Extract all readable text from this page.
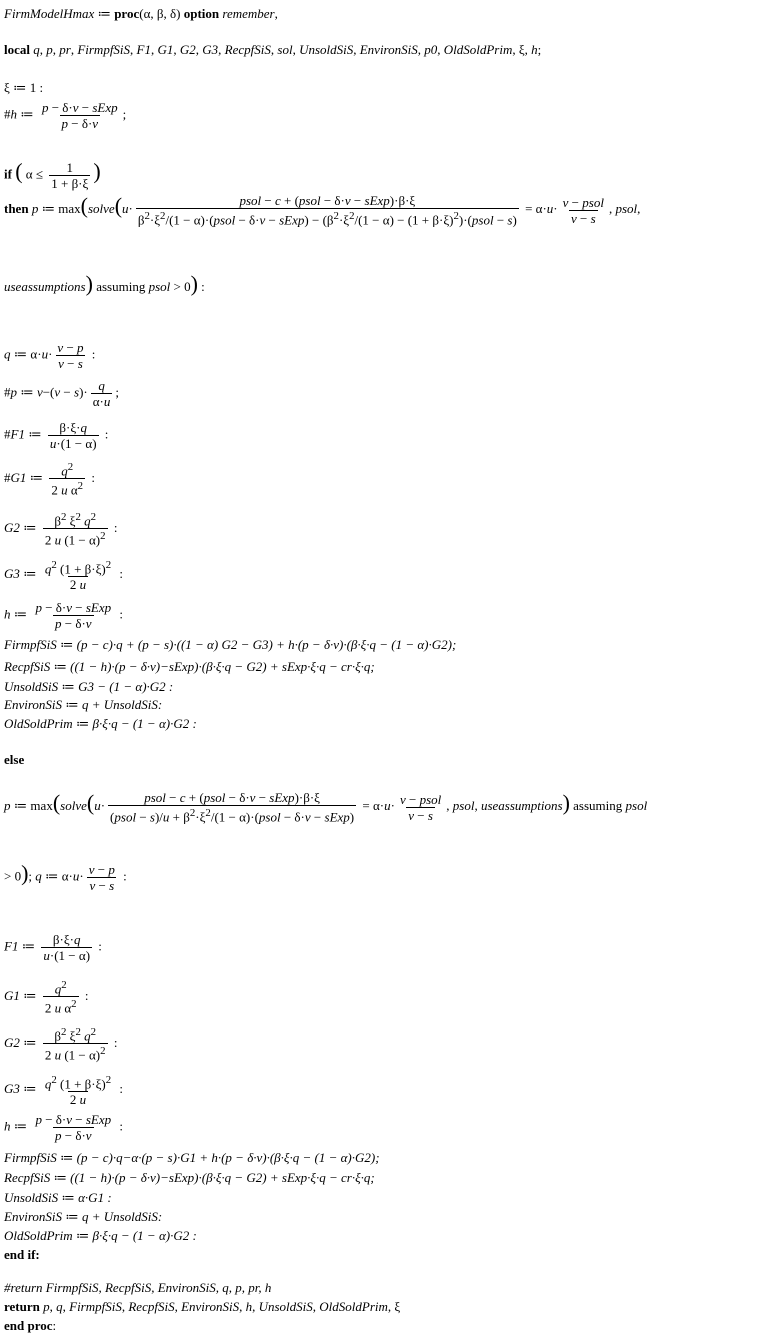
FirmModelHmax ≔ proc(α, β, δ) option remember,
local q, p, pr, FirmpfSiS, F1, G1, G2, G3, RecpfSiS, sol, UnsoldSiS, EnvironSiS, p0, OldSoldPrim, ξ, h;
ξ ≔ 1 :
#h ≔ p − δ·v − sExp
p − δ·v
;
if ( $\alpha \le \frac{1}{1 + \beta\cdot\xi}$ )
then p ≔ max(solve(u·
psol − c + (psol − δ·v − sExp)·β·ξ
$\beta^2\cdot\xi^2/(1$ − α)·(psol − δ·v − sExp) − ($\beta^2\cdot\xi^2/(1 - \alpha) - (1$ + $\beta\cdot\xi)^2)\cdot(psol - s)$
= α·u· v − psol
v − s
, psol,
useassumptions) assuming psol > 0) :
q ≔ $\alpha\cdot u\cdot \frac{v - p}{v - s}$ :
#p ≔ $v-(v - s)\cdot \frac{q}{\alpha\cdot u}$ ;
#F1 ≔ $\frac{\beta\cdot\xi\cdot q}{u\cdot(1 - \alpha)}$ :
#G1 ≔ $\frac{q^2}{2 u \alpha^2}$ :
G2 ≔ $\frac{\beta^2 \xi^2 q^2}{2 u (1 - \alpha)^2}$ :
G3 ≔ $\frac{q^2 (1 + \beta\cdot\xi)^2}{2 u}$ :
h ≔ p − δ·v − sExp
p − δ·v
:
FirmpfSiS ≔ (p − c)·q + (p − s)·((1 − α) G2 − G3) + h·(p − δ·v)·(β·ξ·q − (1 − α)·G2);
RecpfSiS ≔ ((1 − h)·(p − δ·v)−sExp)·(β·ξ·q − G2) + sExp·ξ·q − cr·ξ·q;
UnsoldSiS ≔ G3 − (1 − α)·G2 :
EnvironSiS ≔ q + UnsoldSiS:
OldSoldPrim ≔ β·ξ·q − (1 − α)·G2 :
else
p ≔ max(solve(u·
psol − c + (psol − δ·v − sExp)·β·ξ
(psol − $s)/u + \beta^2\cdot\xi^2/(1$ − α)·(psol − δ·v − sExp)
= α·u· v − psol
v − s
, psol, useassumptions) assuming psol
> 0); q ≔ $\alpha\cdot u\cdot \frac{v - p}{v - s}$ :
F1 ≔ $\frac{\beta\cdot\xi\cdot q}{u\cdot(1 - \alpha)}$ :
G1 ≔ $\frac{q^2}{2 u \alpha^2}$ :
G2 ≔ $\frac{\beta^2 \xi^2 q^2}{2 u (1 - \alpha)^2}$ :
G3 ≔ $\frac{q^2 (1 + \beta\cdot\xi)^2}{2 u}$ :
h ≔ p − δ·v − sExp
p − δ·v
:
FirmpfSiS ≔ (p − c)·q−α·(p − s)·G1 + h·(p − δ·v)·(β·ξ·q − (1 − α)·G2);
RecpfSiS ≔ ((1 − h)·(p − δ·v)−sExp)·(β·ξ·q − G2) + sExp·ξ·q − cr·ξ·q;
UnsoldSiS ≔ α·G1 :
EnvironSiS ≔ q + UnsoldSiS:
OldSoldPrim ≔ β·ξ·q − (1 − α)·G2 :
end if:
#return FirmpfSiS, RecpfSiS, EnvironSiS, q, p, pr, h
return p, q, FirmpfSiS, RecpfSiS, EnvironSiS, h, UnsoldSiS, OldSoldPrim, ξ
end proc:
